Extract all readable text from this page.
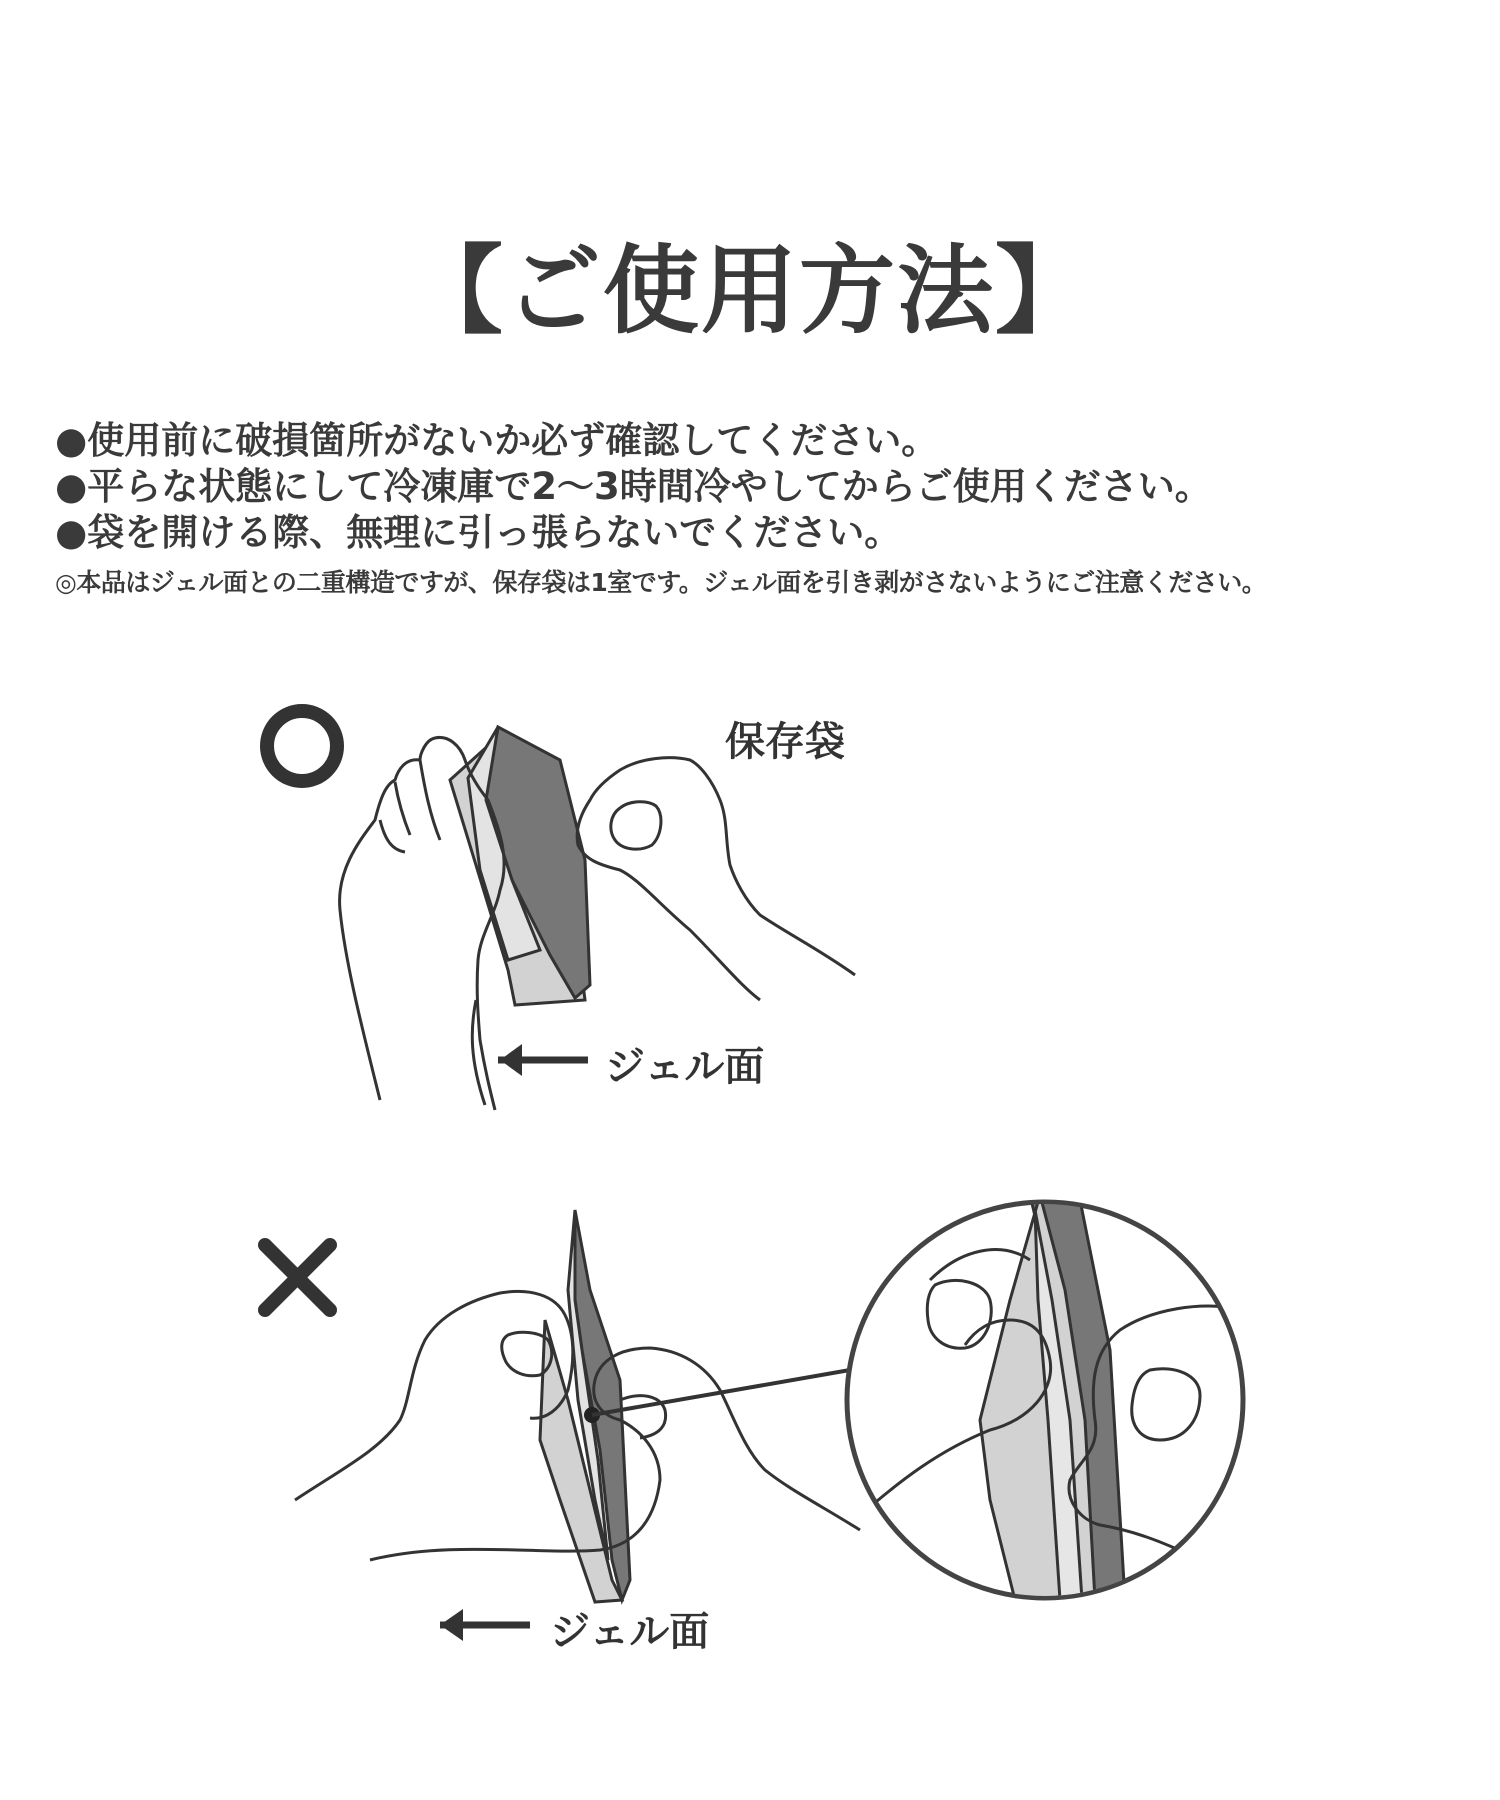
【ご使用方法】
●使用前に破損箇所がないか必ず確認してください。
●平らな状態にして冷凍庫で2〜3時間冷やしてからご使用ください。
●袋を開ける際、無理に引っ張らないでください。
◎本品はジェル面との二重構造ですが、保存袋は1室です。ジェル面を引き剥がさないようにご注意ください。
保存袋
ジェル面
ジェル面
